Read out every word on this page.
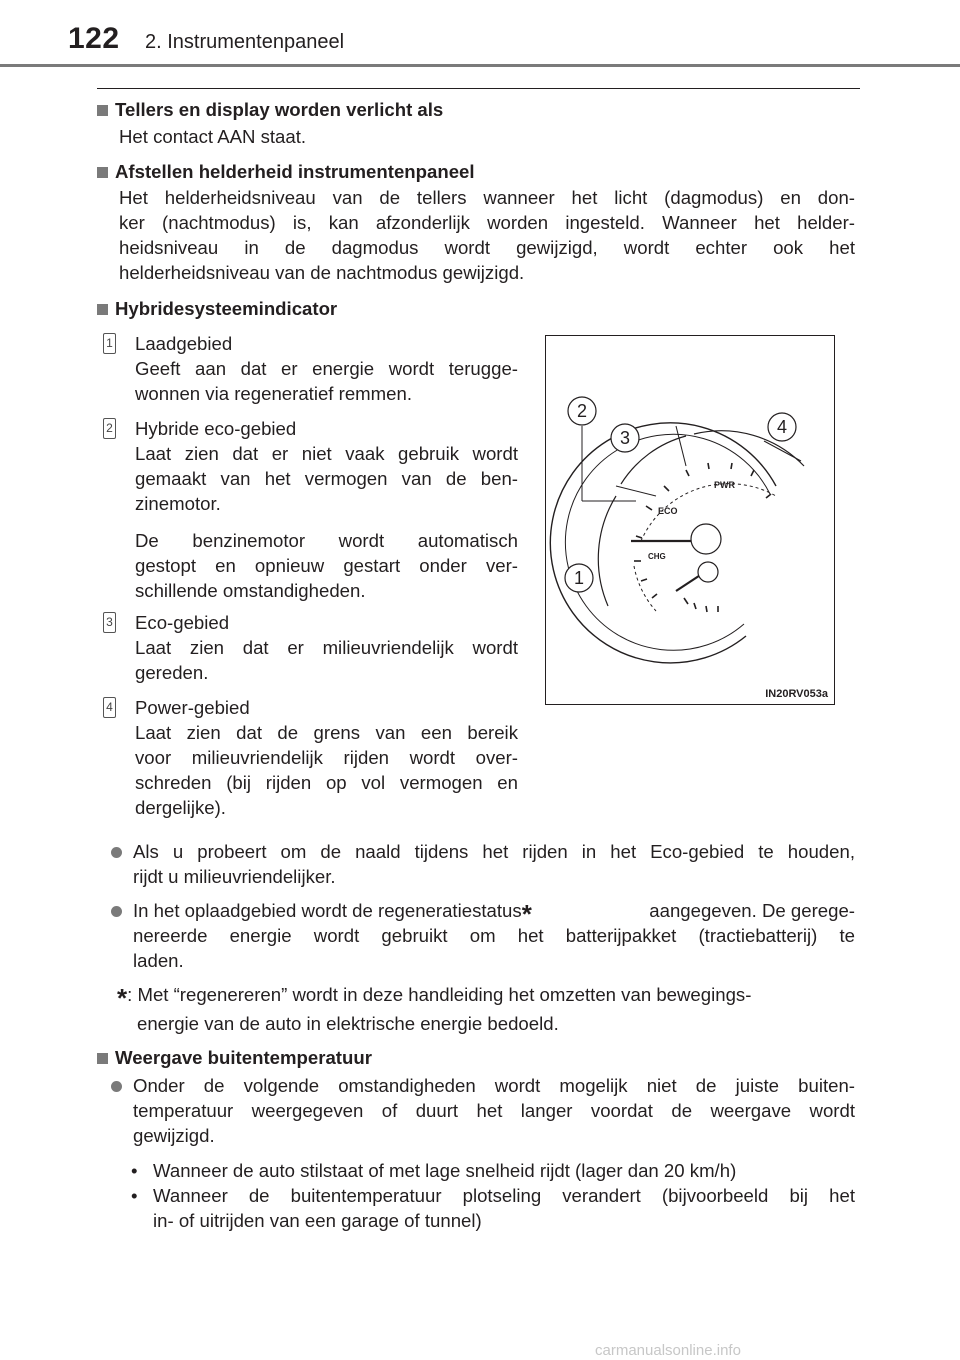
122 2. Instrumentenpaneel
Tellers en display worden verlicht als
Het contact AAN staat.
Afstellen helderheid instrumentenpaneel
Het helderheidsniveau van de tellers wanneer het licht (dagmodus) en don-
ker (nachtmodus) is, kan afzonderlijk worden ingesteld. Wanneer het helder-
heidsniveau in de dagmodus wordt gewijzigd, wordt echter ook het
helderheidsniveau van de nachtmodus gewijzigd.
Hybridesysteemindicator
1 Laadgebied
Geeft aan dat er energie wordt terugge-
wonnen via regeneratief remmen.
2 Hybride eco-gebied
Laat zien dat er niet vaak gebruik wordt
gemaakt van het vermogen van de ben-
zinemotor.
De benzinemotor wordt automatisch
gestopt en opnieuw gestart onder ver-
schillende omstandigheden.
3 Eco-gebied
Laat zien dat er milieuvriendelijk wordt
gereden.
4 Power-gebied
Laat zien dat de grens van een bereik
voor milieuvriendelijk rijden wordt over-
schreden (bij rijden op vol vermogen en
dergelijke).
ECO
PWR
CHG
2
3
4
1
IN20RV053a
Als u probeert om de naald tijdens het rijden in het Eco-gebied te houden,
rijdt u milieuvriendelijker.
In het oplaadgebied wordt de regeneratiestatus*	aangegeven. De gerege-
nereerde energie wordt gebruikt om het batterijpakket (tractiebatterij) te
laden.
*: Met “regenereren” wordt in deze handleiding het omzetten van bewegings-
energie van de auto in elektrische energie bedoeld.
Weergave buitentemperatuur
Onder de volgende omstandigheden wordt mogelijk niet de juiste buiten-
temperatuur weergegeven of duurt het langer voordat de weergave wordt
gewijzigd.
• Wanneer de auto stilstaat of met lage snelheid rijdt (lager dan 20 km/h)
• Wanneer de buitentemperatuur plotseling verandert (bijvoorbeeld bij het
in- of uitrijden van een garage of tunnel)
carmanualsonline.info
